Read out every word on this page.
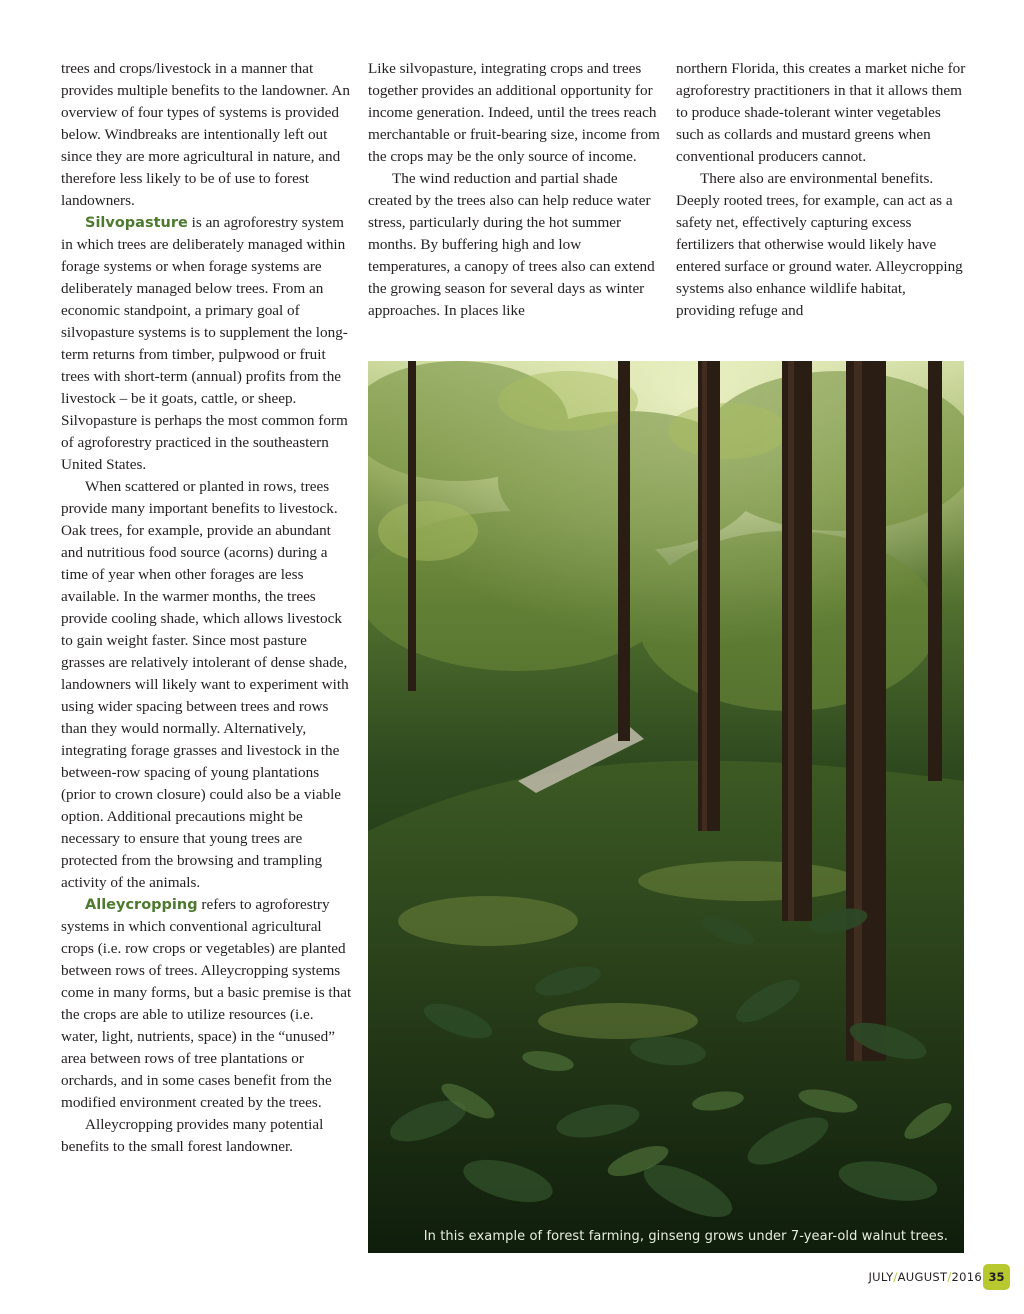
trees and crops/livestock in a manner that provides multiple benefits to the landowner. An overview of four types of systems is provided below. Windbreaks are intentionally left out since they are more agricultural in nature, and therefore less likely to be of use to forest landowners.

Silvopasture is an agroforestry system in which trees are deliberately managed within forage systems or when forage systems are deliberately managed below trees. From an economic standpoint, a primary goal of silvopasture systems is to supplement the long-term returns from timber, pulpwood or fruit trees with short-term (annual) profits from the livestock – be it goats, cattle, or sheep. Silvopasture is perhaps the most common form of agroforestry practiced in the southeastern United States.

When scattered or planted in rows, trees provide many important benefits to livestock. Oak trees, for example, provide an abundant and nutritious food source (acorns) during a time of year when other forages are less available. In the warmer months, the trees provide cooling shade, which allows livestock to gain weight faster. Since most pasture grasses are relatively intolerant of dense shade, landowners will likely want to experiment with using wider spacing between trees and rows than they would normally. Alternatively, integrating forage grasses and livestock in the between-row spacing of young plantations (prior to crown closure) could also be a viable option. Additional precautions might be necessary to ensure that young trees are protected from the browsing and trampling activity of the animals.

Alleycropping refers to agroforestry systems in which conventional agricultural crops (i.e. row crops or vegetables) are planted between rows of trees. Alleycropping systems come in many forms, but a basic premise is that the crops are able to utilize resources (i.e. water, light, nutrients, space) in the “unused” area between rows of tree plantations or orchards, and in some cases benefit from the modified environment created by the trees.

Alleycropping provides many potential benefits to the small forest landowner.

Like silvopasture, integrating crops and trees together provides an additional opportunity for income generation. Indeed, until the trees reach merchantable or fruit-bearing size, income from the crops may be the only source of income.

The wind reduction and partial shade created by the trees also can help reduce water stress, particularly during the hot summer months. By buffering high and low temperatures, a canopy of trees also can extend the growing season for several days as winter approaches. In places like

northern Florida, this creates a market niche for agroforestry practitioners in that it allows them to produce shade-tolerant winter vegetables such as collards and mustard greens when conventional producers cannot.

There also are environmental benefits. Deeply rooted trees, for example, can act as a safety net, effectively capturing excess fertilizers that otherwise would likely have entered surface or ground water. Alleycropping systems also enhance wildlife habitat, providing refuge and

In this example of forest farming, ginseng grows under 7-year-old walnut trees.
JULY/AUGUST/2016 35
